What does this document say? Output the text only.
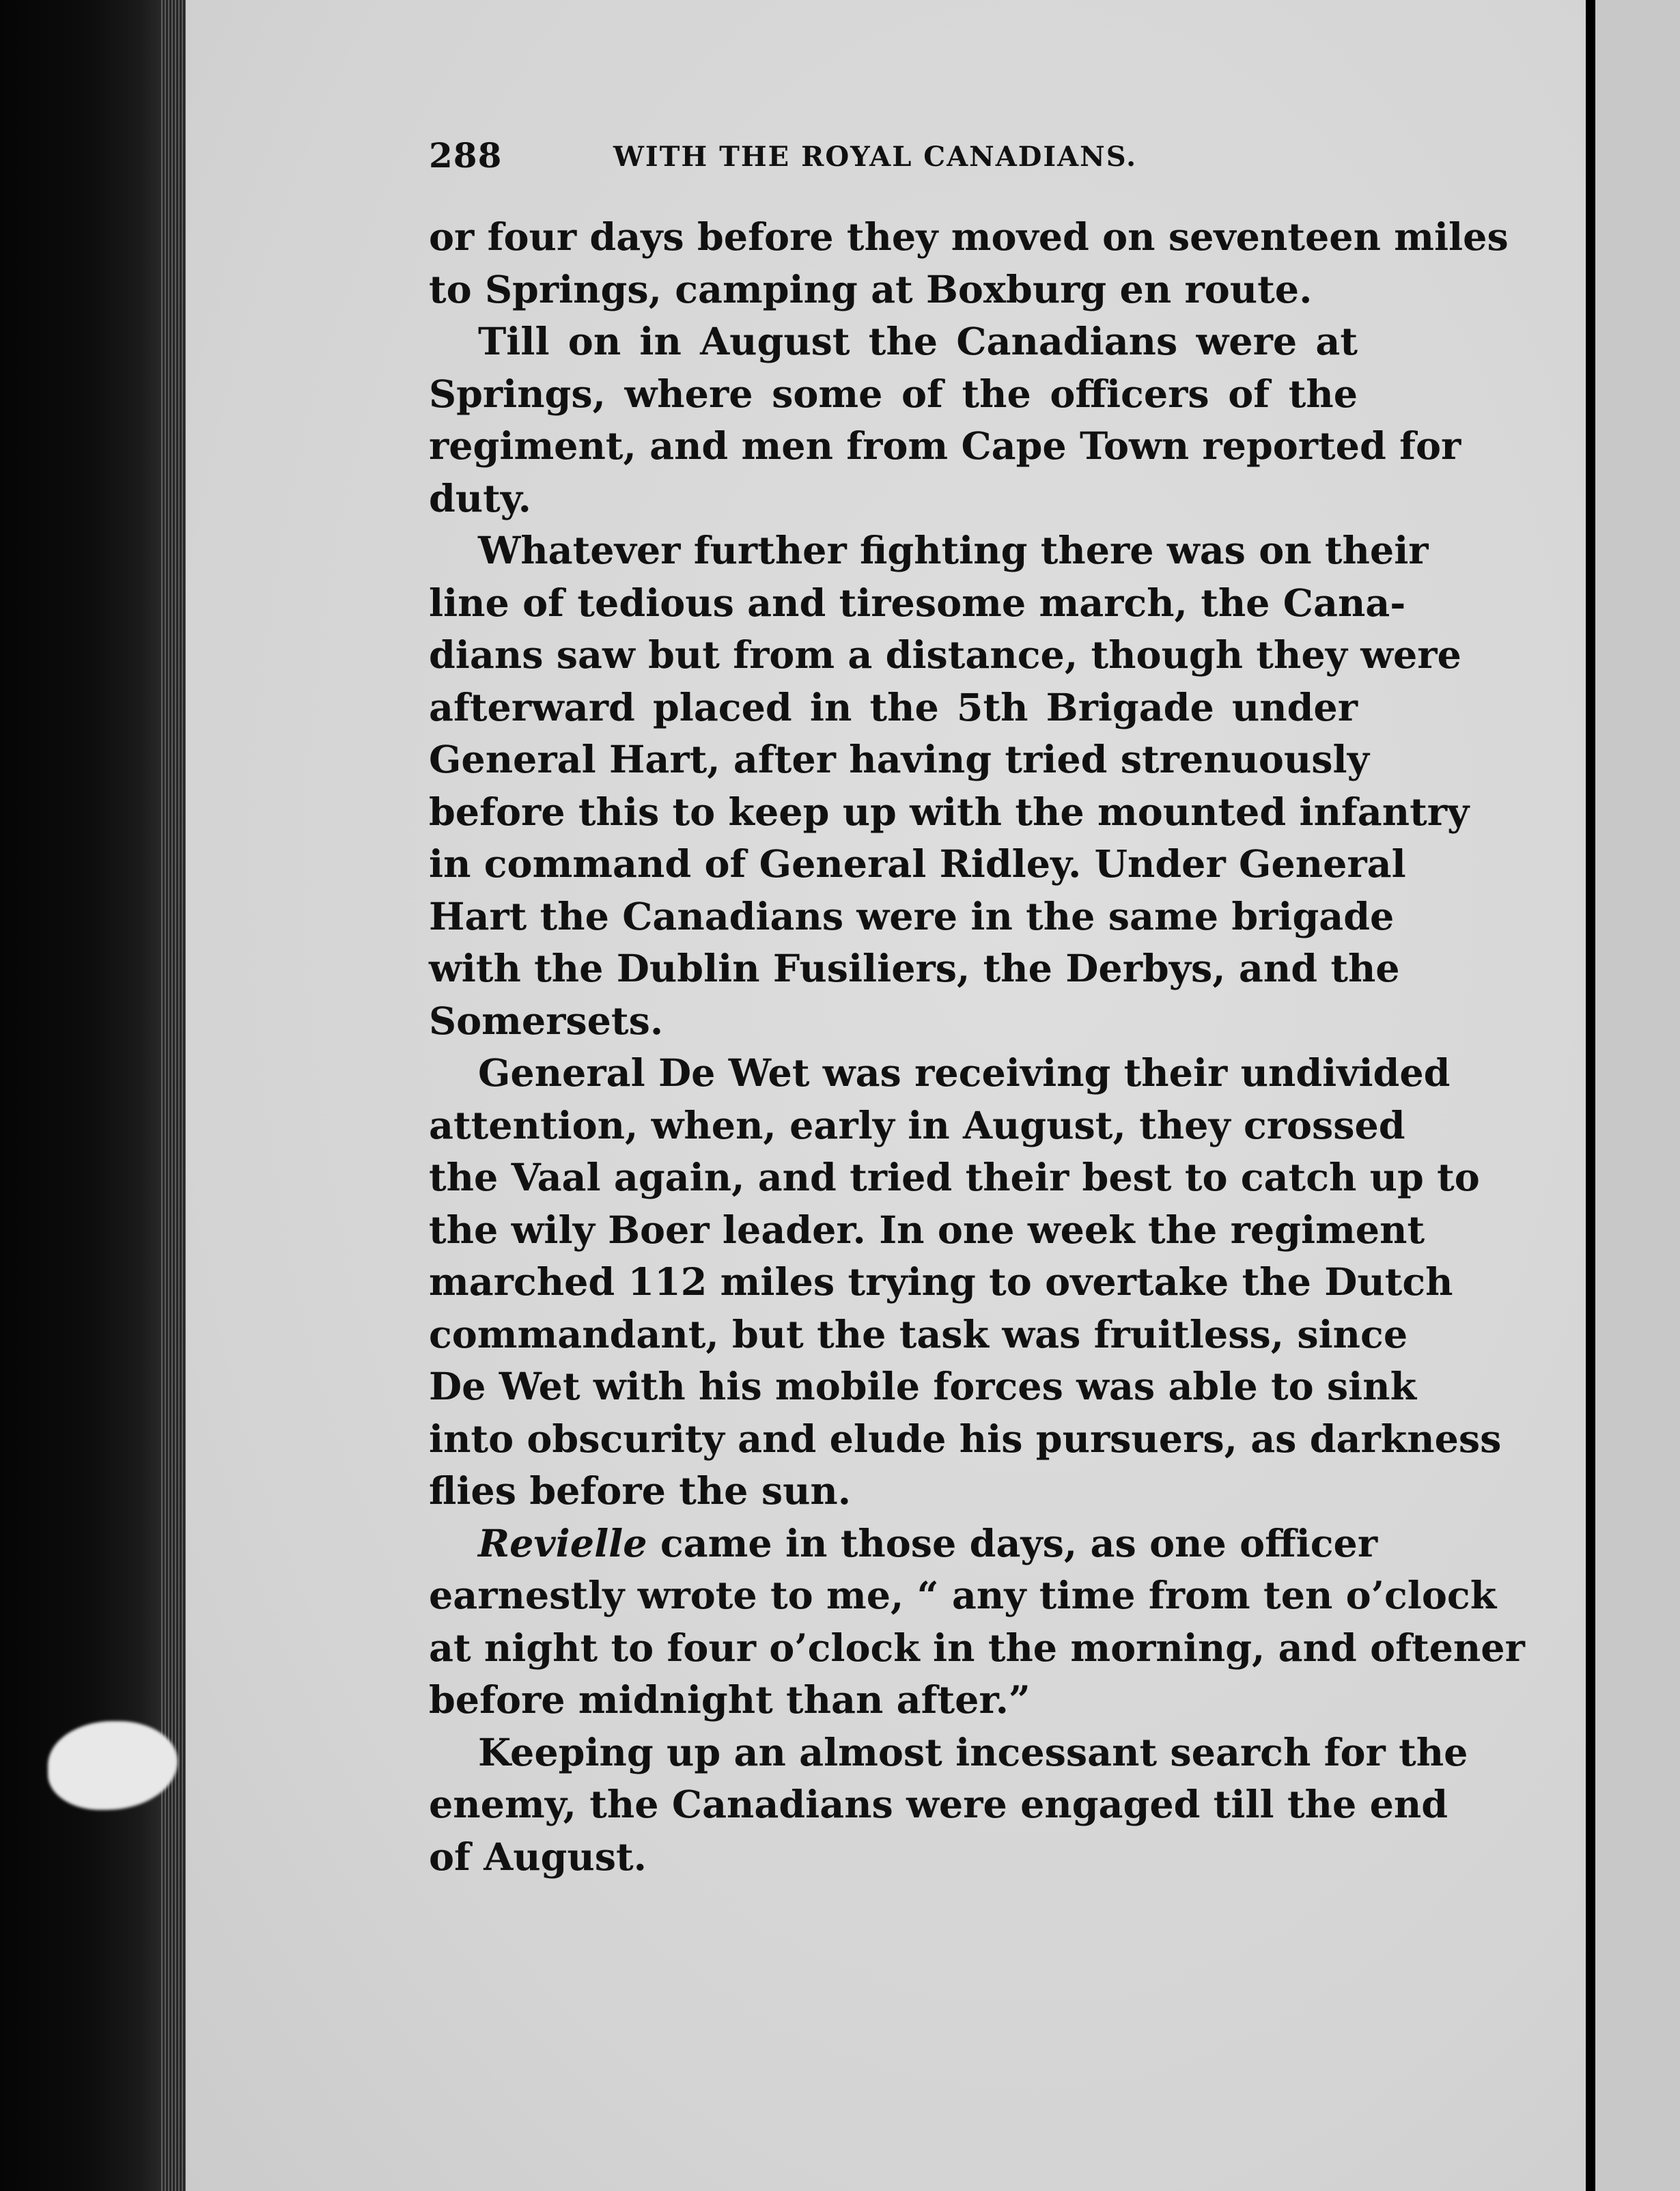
288	WITH THE ROYAL CANADIANS.
or four days before they moved on seventeen miles
to Springs, camping at Boxburg en route.
Till on in August the Canadians were at
Springs, where some of the officers of the
regiment, and men from Cape Town reported for
duty.
Whatever further fighting there was on their
line of tedious and tiresome march, the Cana-
dians saw but from a distance, though they were
afterward placed in the 5th Brigade under
General Hart, after having tried strenuously
before this to keep up with the mounted infantry
in command of General Ridley. Under General
Hart the Canadians were in the same brigade
with the Dublin Fusiliers, the Derbys, and the
Somersets.
General De Wet was receiving their undivided
attention, when, early in August, they crossed
the Vaal again, and tried their best to catch up to
the wily Boer leader. In one week the regiment
marched 112 miles trying to overtake the Dutch
commandant, but the task was fruitless, since
De Wet with his mobile forces was able to sink
into obscurity and elude his pursuers, as darkness
flies before the sun.
Revielle came in those days, as one officer
earnestly wrote to me, “ any time from ten o’clock
at night to four o’clock in the morning, and oftener
before midnight than after.”
Keeping up an almost incessant search for the
enemy, the Canadians were engaged till the end
of August.
